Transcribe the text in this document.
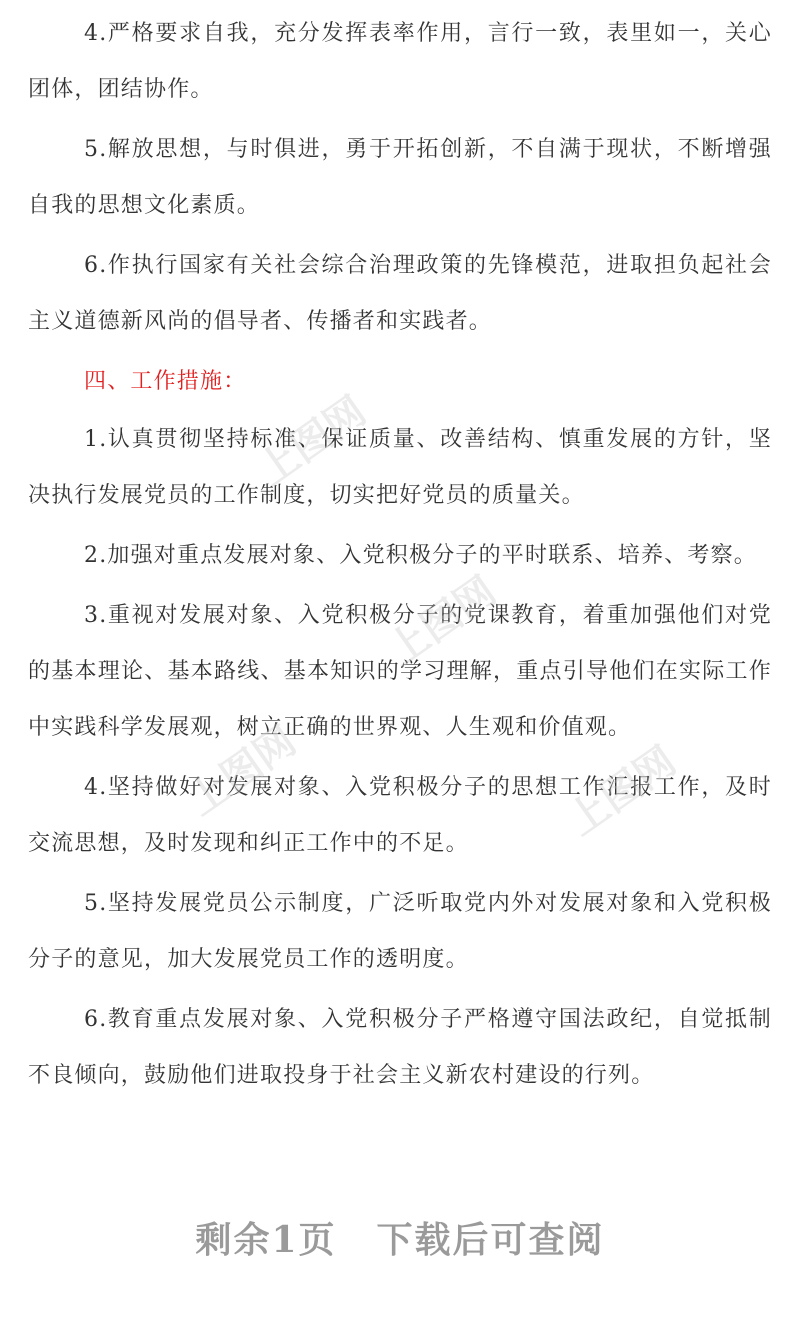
4.严格要求自我，充分发挥表率作用，言行一致，表里如一，关心团体，团结协作。

5.解放思想，与时俱进，勇于开拓创新，不自满于现状，不断增强自我的思想文化素质。

6.作执行国家有关社会综合治理政策的先锋模范，进取担负起社会主义道德新风尚的倡导者、传播者和实践者。

四、工作措施：

1.认真贯彻坚持标准、保证质量、改善结构、慎重发展的方针，坚决执行发展党员的工作制度，切实把好党员的质量关。

2.加强对重点发展对象、入党积极分子的平时联系、培养、考察。

3.重视对发展对象、入党积极分子的党课教育，着重加强他们对党的基本理论、基本路线、基本知识的学习理解，重点引导他们在实际工作中实践科学发展观，树立正确的世界观、人生观和价值观。

4.坚持做好对发展对象、入党积极分子的思想工作汇报工作，及时交流思想，及时发现和纠正工作中的不足。

5.坚持发展党员公示制度，广泛听取党内外对发展对象和入党积极分子的意见，加大发展党员工作的透明度。

6.教育重点发展对象、入党积极分子严格遵守国法政纪，自觉抵制不良倾向，鼓励他们进取投身于社会主义新农村建设的行列。

上图网
上图网
上图网	上图网
剩余1页 下载后可查阅
